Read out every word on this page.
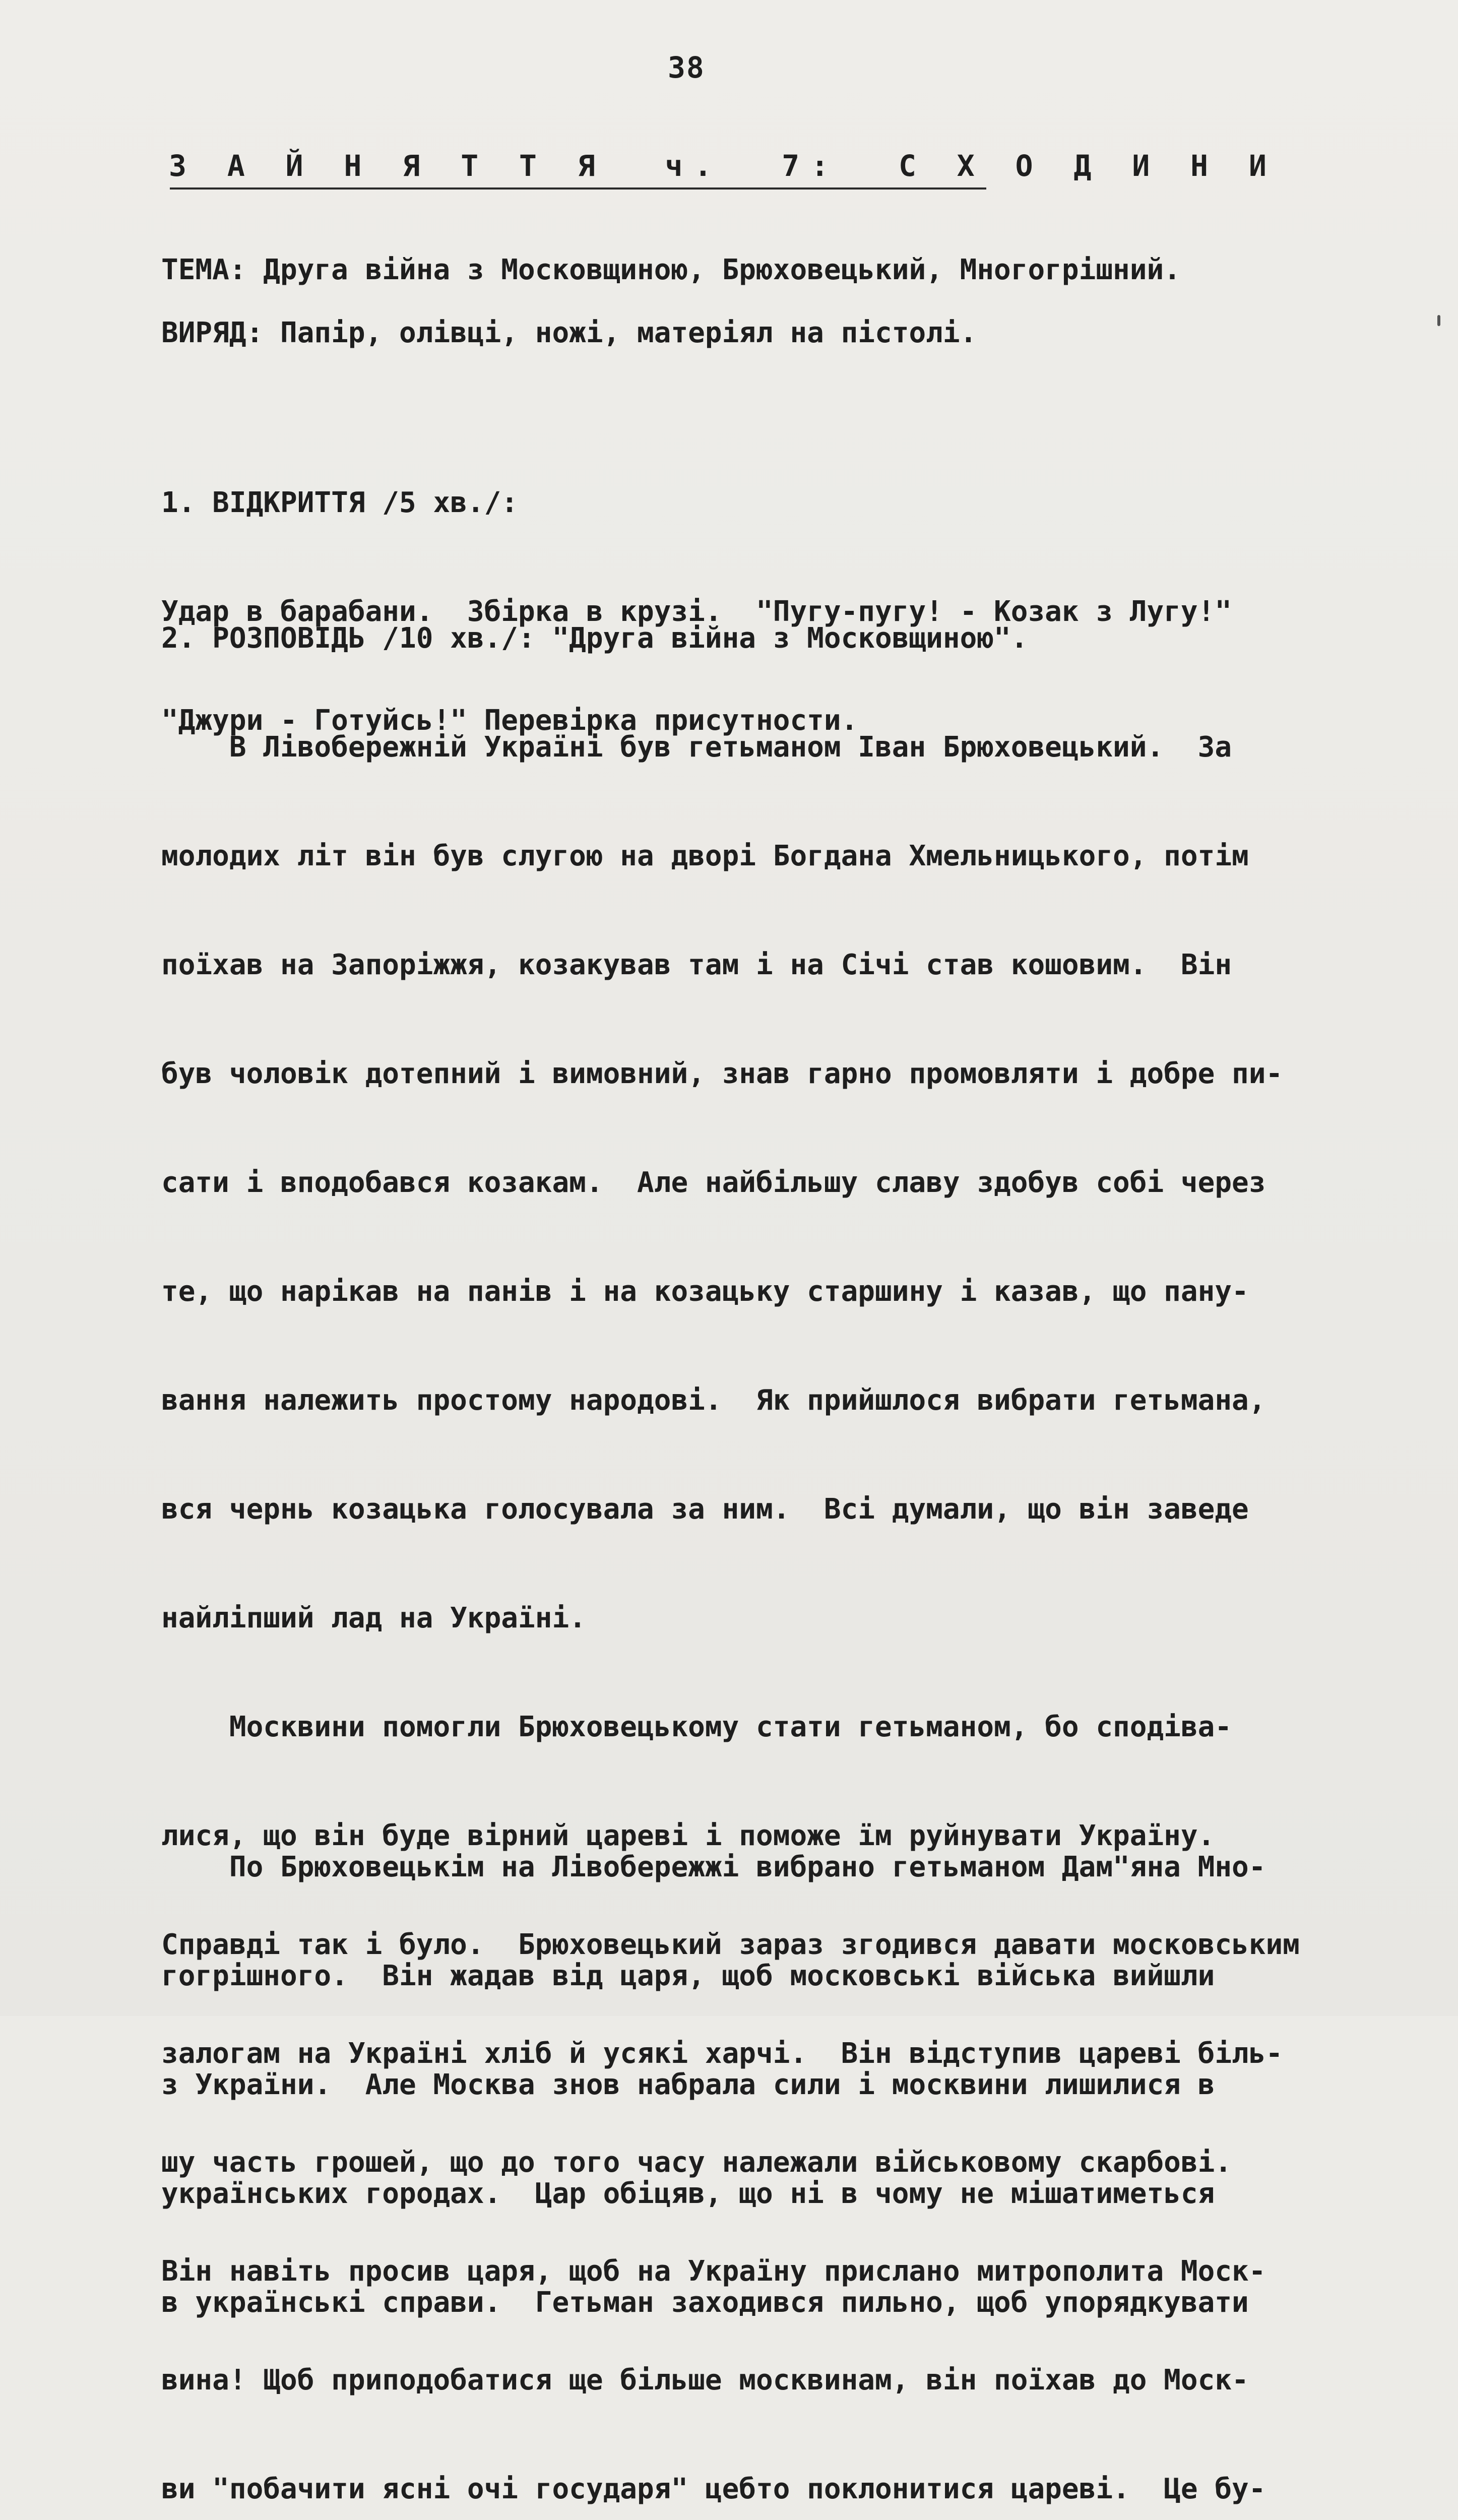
38
З А Й Н Я Т Т Я  ч.  7:  С Х О Д И Н И
ТЕМА: Друга війна з Московщиною, Брюховецький, Многогрішний.
ВИРЯД: Папір, олівці, ножі, матеріял на пістолі.

1. ВІДКРИТТЯ /5 хв./:

Удар в барабани.  Збірка в крузі.  "Пугу-пугу! - Козак з Лугу!"

"Джури - Готуйсь!" Перевірка присутности.

2. РОЗПОВІДЬ /10 хв./: "Друга війна з Московщиною".

В Лівобережній Україні був гетьманом Іван Брюховецький.  За

молодих літ він був слугою на дворі Богдана Хмельницького, потім

поїхав на Запоріжжя, козакував там і на Січі став кошовим.  Він

був чоловік дотепний і вимовний, знав гарно промовляти і добре пи-

сати і вподобався козакам.  Але найбільшу славу здобув собі через

те, що нарікав на панів і на козацьку старшину і казав, що пану-

вання належить простому народові.  Як прийшлося вибрати гетьмана,

вся чернь козацька голосувала за ним.  Всі думали, що він заведе

найліпший лад на Україні.

Москвини помогли Брюховецькому стати гетьманом, бо сподіва-

лися, що він буде вірний цареві і поможе їм руйнувати Україну.

Справді так і було.  Брюховецький зараз згодився давати московським

залогам на Україні хліб й усякі харчі.  Він відступив цареві біль-

шу часть грошей, що до того часу належали військовому скарбові.

Він навіть просив царя, щоб на Україну прислано митрополита Моск-

вина! Щоб приподобатися ще більше москвинам, він поїхав до Моск-

ви "побачити ясні очі государя" цебто поклонитися цареві.  Це бу-

По Брюховецькім на Лівобережжі вибрано гетьманом Дам"яна Мно-

гогрішного.  Він жадав від царя, щоб московські війська вийшли

з України.  Але Москва знов набрала сили і москвини лишилися в

українських городах.  Цар обіцяв, що ні в чому не мішатиметься

в українські справи.  Гетьман заходився пильно, щоб упорядкувати
